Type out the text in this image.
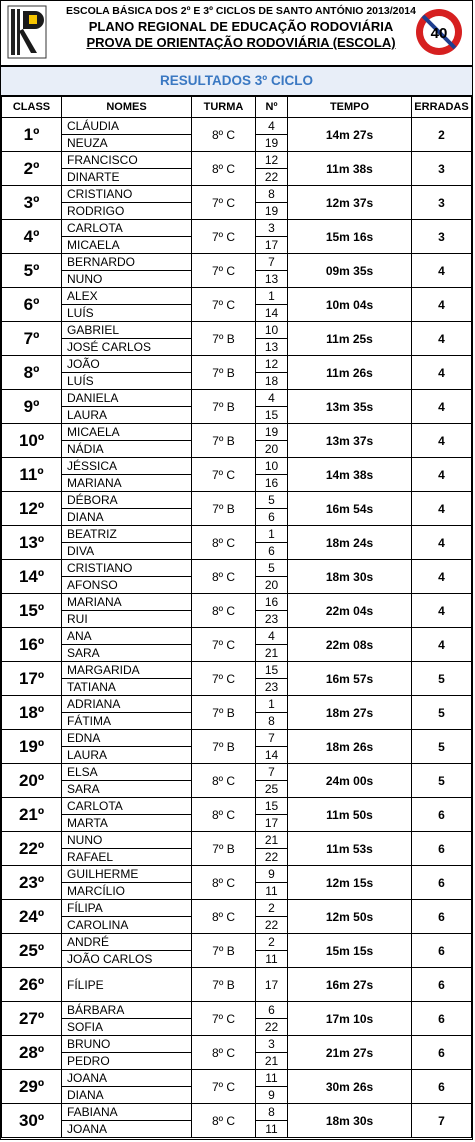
ESCOLA BÁSICA DOS 2º E 3º CICLOS DE SANTO ANTÓNIO 2013/2014
PLANO REGIONAL DE EDUCAÇÃO RODOVIÁRIA
PROVA DE ORIENTAÇÃO RODOVIÁRIA (ESCOLA)
40
RESULTADOS 3º CICLO
CLASS	NOMES	TURMA	Nº	TEMPO	ERRADAS
1º	CLÁUDIA	8º C	4	14m 27s	2
	NEUZA		19		
2º	FRANCISCO	8º C	12	11m 38s	3
	DINARTE		22		
3º	CRISTIANO	7º C	8	12m 37s	3
	RODRIGO		19		
4º	CARLOTA	7º C	3	15m 16s	3
	MICAELA		17		
5º	BERNARDO	7º C	7	09m 35s	4
	NUNO		13		
6º	ALEX	7º C	1	10m 04s	4
	LUÍS		14		
7º	GABRIEL	7º B	10	11m 25s	4
	JOSÉ CARLOS		13		
8º	JOÃO	7º B	12	11m 26s	4
	LUÍS		18		
9º	DANIELA	7º B	4	13m 35s	4
	LAURA		15		
10º	MICAELA	7º B	19	13m 37s	4
	NÁDIA		20		
11º	JÉSSICA	7º C	10	14m 38s	4
	MARIANA		16		
12º	DÉBORA	7º B	5	16m 54s	4
	DIANA		6		
13º	BEATRIZ	8º C	1	18m 24s	4
	DIVA		6		
14º	CRISTIANO	8º C	5	18m 30s	4
	AFONSO		20		
15º	MARIANA	8º C	16	22m 04s	4
	RUI		23		
16º	ANA	7º C	4	22m 08s	4
	SARA		21		
17º	MARGARIDA	7º C	15	16m 57s	5
	TATIANA		23		
18º	ADRIANA	7º B	1	18m 27s	5
	FÁTIMA		8		
19º	EDNA	7º B	7	18m 26s	5
	LAURA		14		
20º	ELSA	8º C	7	24m 00s	5
	SARA		25		
21º	CARLOTA	8º C	15	11m 50s	6
	MARTA		17		
22º	NUNO	7º B	21	11m 53s	6
	RAFAEL		22		
23º	GUILHERME	8º C	9	12m 15s	6
	MARCÍLIO		11		
24º	FÍLIPA	8º C	2	12m 50s	6
	CAROLINA		22		
25º	ANDRÉ	7º B	2	15m 15s	6
	JOÃO CARLOS		11		
26º	FÍLIPE	7º B	17	16m 27s	6
27º	BÁRBARA	7º C	6	17m 10s	6
	SOFIA		22		
28º	BRUNO	8º C	3	21m 27s	6
	PEDRO		21		
29º	JOANA	7º C	11	30m 26s	6
	DIANA		9		
30º	FABIANA	8º C	8	18m 30s	7
	JOANA		11		
